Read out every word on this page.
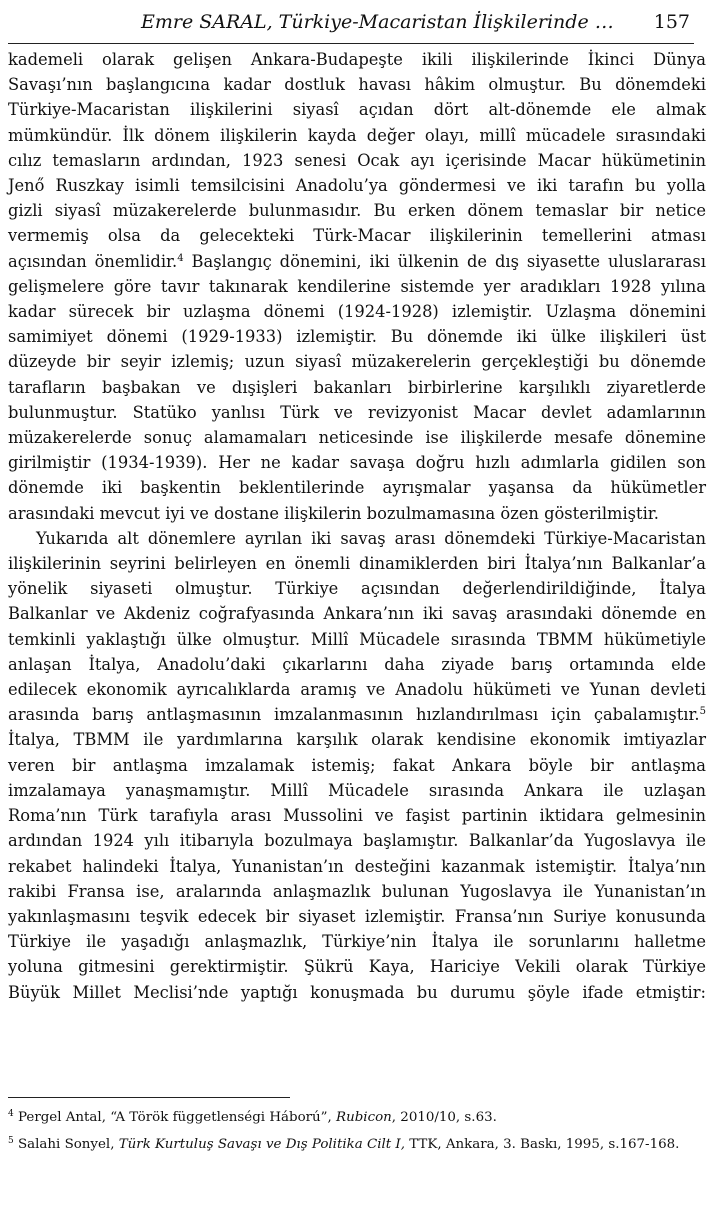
Emre SARAL, Türkiye-Macaristan İlişkilerinde … 157

kademeli olarak gelişen Ankara-Budapeşte ikili ilişkilerinde İkinci Dünya

Savaşı’nın başlangıcına kadar dostluk havası hâkim olmuştur. Bu dönemdeki

Türkiye-Macaristan ilişkilerini siyasî açıdan dört alt-dönemde ele almak

mümkündür. İlk dönem ilişkilerin kayda değer olayı, millî mücadele sırasındaki

cılız temasların ardından, 1923 senesi Ocak ayı içerisinde Macar hükümetinin

Jenő Ruszkay isimli temsilcisini Anadolu’ya göndermesi ve iki tarafın bu yolla

gizli siyasî müzakerelerde bulunmasıdır. Bu erken dönem temaslar bir netice

vermemiş olsa da gelecekteki Türk-Macar ilişkilerinin temellerini atması

açısından önemlidir.$^4$ Başlangıç dönemini, iki ülkenin de dış siyasette uluslararası

gelişmelere göre tavır takınarak kendilerine sistemde yer aradıkları 1928 yılına

kadar sürecek bir uzlaşma dönemi (1924-1928) izlemiştir. Uzlaşma dönemini

samimiyet dönemi (1929-1933) izlemiştir. Bu dönemde iki ülke ilişkileri üst

düzeyde bir seyir izlemiş; uzun siyasî müzakerelerin gerçekleştiği bu dönemde

tarafların başbakan ve dışişleri bakanları birbirlerine karşılıklı ziyaretlerde

bulunmuştur. Statüko yanlısı Türk ve revizyonist Macar devlet adamlarının

müzakerelerde sonuç alamamaları neticesinde ise ilişkilerde mesafe dönemine

girilmiştir (1934-1939). Her ne kadar savaşa doğru hızlı adımlarla gidilen son

dönemde iki başkentin beklentilerinde ayrışmalar yaşansa da hükümetler

arasındaki mevcut iyi ve dostane ilişkilerin bozulmamasına özen gösterilmiştir.

Yukarıda alt dönemlere ayrılan iki savaş arası dönemdeki Türkiye-Macaristan

ilişkilerinin seyrini belirleyen en önemli dinamiklerden biri İtalya’nın Balkanlar’a

yönelik siyaseti olmuştur. Türkiye açısından değerlendirildiğinde, İtalya

Balkanlar ve Akdeniz coğrafyasında Ankara’nın iki savaş arasındaki dönemde en

temkinli yaklaştığı ülke olmuştur. Millî Mücadele sırasında TBMM hükümetiyle

anlaşan İtalya, Anadolu’daki çıkarlarını daha ziyade barış ortamında elde

edilecek ekonomik ayrıcalıklarda aramış ve Anadolu hükümeti ve Yunan devleti

arasında barış antlaşmasının imzalanmasının hızlandırılması için çabalamıştır.$^5$

İtalya, TBMM ile yardımlarına karşılık olarak kendisine ekonomik imtiyazlar

veren bir antlaşma imzalamak istemiş; fakat Ankara böyle bir antlaşma

imzalamaya yanaşmamıştır. Millî Mücadele sırasında Ankara ile uzlaşan

Roma’nın Türk tarafıyla arası Mussolini ve faşist partinin iktidara gelmesinin

ardından 1924 yılı itibarıyla bozulmaya başlamıştır. Balkanlar’da Yugoslavya ile

rekabet halindeki İtalya, Yunanistan’ın desteğini kazanmak istemiştir. İtalya’nın

rakibi Fransa ise, aralarında anlaşmazlık bulunan Yugoslavya ile Yunanistan’ın

yakınlaşmasını teşvik edecek bir siyaset izlemiştir. Fransa’nın Suriye konusunda

Türkiye ile yaşadığı anlaşmazlık, Türkiye’nin İtalya ile sorunlarını halletme

yoluna gitmesini gerektirmiştir. Şükrü Kaya, Hariciye Vekili olarak Türkiye

Büyük Millet Meclisi’nde yaptığı konuşmada bu durumu şöyle ifade etmiştir:

$^4$ Pergel Antal, “A Török függetlenségi Háború”, Rubicon, 2010/10, s.63.

$^5$ Salahi Sonyel, Türk Kurtuluş Savaşı ve Dış Politika Cilt I, TTK, Ankara, 3. Baskı, 1995, s.167-168.
